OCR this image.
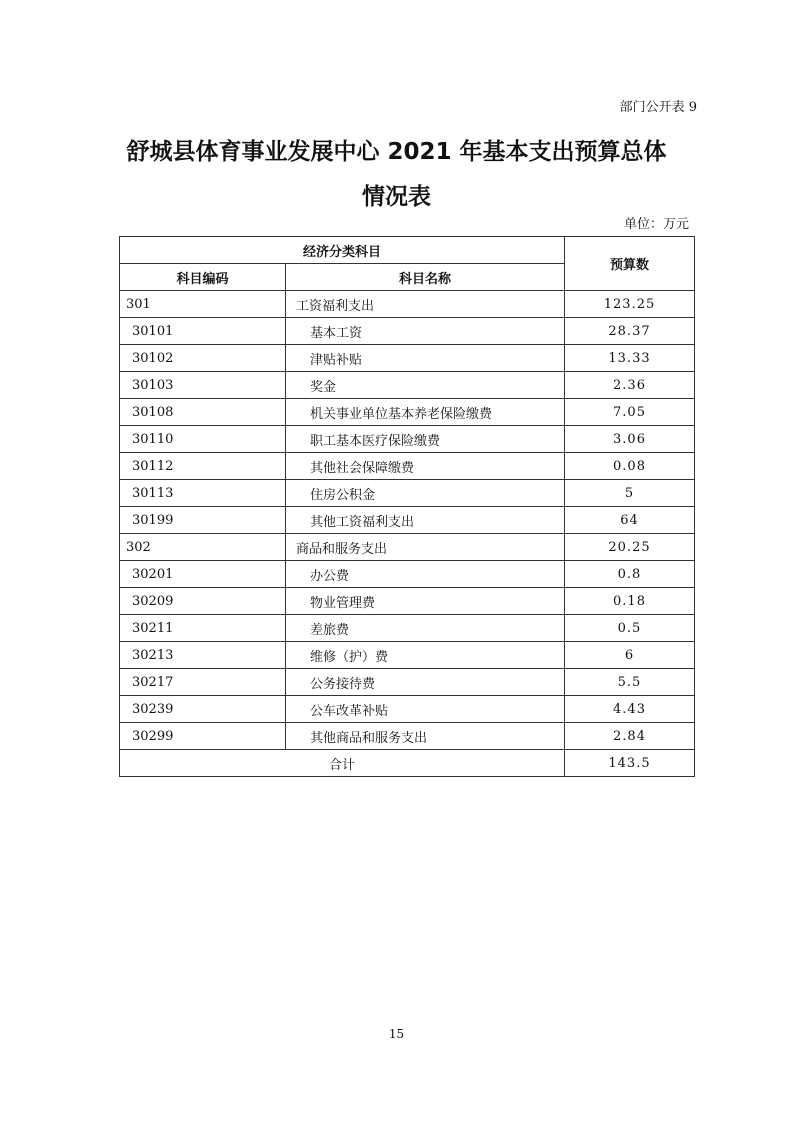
部门公开表 9
舒城县体育事业发展中心 2021 年基本支出预算总体
情况表
单位：万元
经济分类科目		预算数
科目编码	科目名称	
301	工资福利支出	123.25
30101	基本工资	28.37
30102	津贴补贴	13.33
30103	奖金	2.36
30108	机关事业单位基本养老保险缴费	7.05
30110	职工基本医疗保险缴费	3.06
30112	其他社会保障缴费	0.08
30113	住房公积金	5
30199	其他工资福利支出	64
302	商品和服务支出	20.25
30201	办公费	0.8
30209	物业管理费	0.18
30211	差旅费	0.5
30213	维修（护）费	6
30217	公务接待费	5.5
30239	公车改革补贴	4.43
30299	其他商品和服务支出	2.84
合计		143.5
15
